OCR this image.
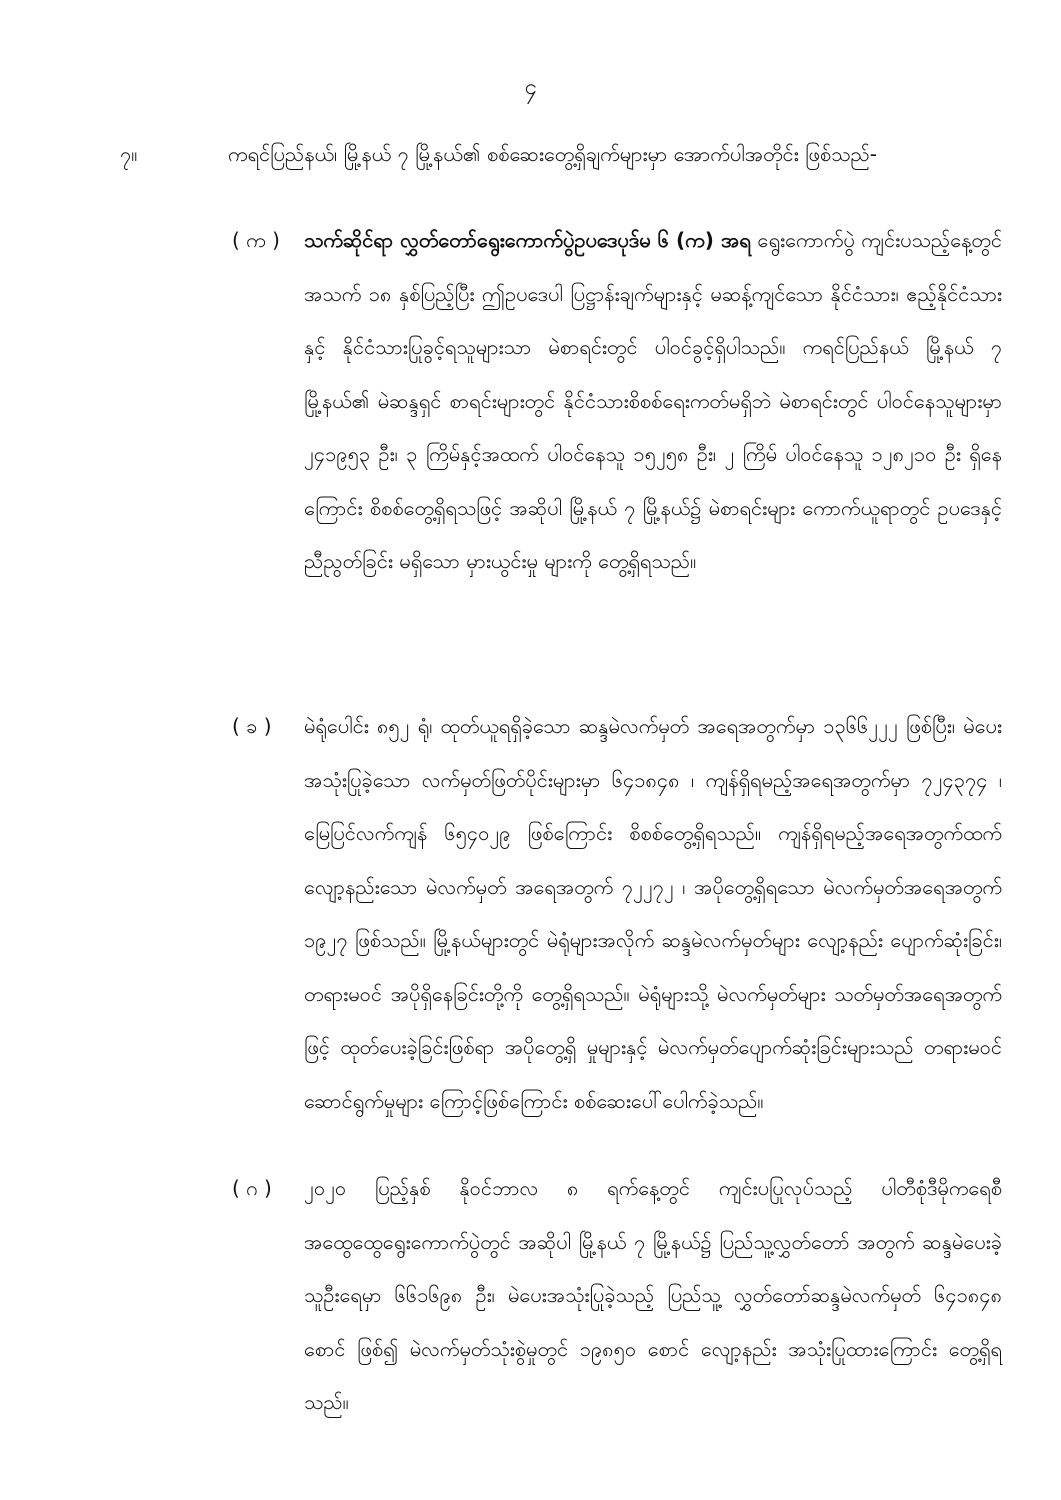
၄
၇။	ကရင်ပြည်နယ်၊ မြို့နယ် ၇ မြို့နယ်၏ စစ်ဆေးတွေ့ရှိချက်များမှာ အောက်ပါအတိုင်း ဖြစ်သည်-
( က )	သက်ဆိုင်ရာ လွှတ်တော်ရွေးကောက်ပွဲဥပဒေပုဒ်မ ၆ (က) အရ ရွေးကောက်ပွဲ ကျင်းပသည့်နေ့တွင် အသက် ၁၈ နှစ်ပြည့်ပြီး ဤဥပဒေပါ ပြဋ္ဌာန်းချက်များနှင့် မဆန့်ကျင်သော နိုင်ငံသား၊ ဧည့်နိုင်ငံသားနှင့် နိုင်ငံသားပြုခွင့်ရသူများသာ မဲစာရင်းတွင် ပါဝင်ခွင့်ရှိပါသည်။ ကရင်ပြည်နယ် မြို့နယ် ၇ မြို့နယ်၏ မဲဆန္ဒရှင် စာရင်းများတွင် နိုင်ငံသားစိစစ်ရေးကတ်မရှိဘဲ မဲစာရင်းတွင် ပါဝင်နေသူများမှာ ၂၄၁၉၅၃ ဦး၊ ၃ ကြိမ်နှင့်အထက် ပါဝင်နေသူ ၁၅၂၅၈ ဦး၊ ၂ ကြိမ် ပါဝင်နေသူ ၁၂၈၂၁၀ ဦး ရှိနေကြောင်း စိစစ်တွေ့ရှိရသဖြင့် အဆိုပါ မြို့နယ် ၇ မြို့နယ်၌ မဲစာရင်းများ ကောက်ယူရာတွင် ဥပဒေနှင့်ညီညွတ်ခြင်း မရှိသော မှားယွင်းမှု များကို တွေ့ရှိရသည်။
( ခ )	မဲရုံပေါင်း ၈၅၂ ရုံ၊ ထုတ်ယူရရှိခဲ့သော ဆန္ဒမဲလက်မှတ် အရေအတွက်မှာ ၁၃၆၆၂၂၂ ဖြစ်ပြီး၊ မဲပေးအသုံးပြုခဲ့သော လက်မှတ်ဖြတ်ပိုင်းများမှာ ၆၄၁၈၄၈ ၊ ကျန်ရှိရမည့်အရေအတွက်မှာ ၇၂၄၃၇၄ ၊ မြေပြင်လက်ကျန် ၆၅၄၀၂၉ ဖြစ်ကြောင်း စိစစ်တွေ့ရှိရသည်။ ကျန်ရှိရမည့်အရေအတွက်ထက် လျော့နည်းသော မဲလက်မှတ် အရေအတွက် ၇၂၂၇၂ ၊ အပိုတွေ့ရှိရသော မဲလက်မှတ်အရေအတွက် ၁၉၂၇ ဖြစ်သည်။ မြို့နယ်များတွင် မဲရုံများအလိုက် ဆန္ဒမဲလက်မှတ်များ လျော့နည်း ပျောက်ဆုံးခြင်း၊ တရားမဝင် အပိုရှိနေခြင်းတို့ကို တွေ့ရှိရသည်။ မဲရုံများသို့ မဲလက်မှတ်များ သတ်မှတ်အရေအတွက်ဖြင့် ထုတ်ပေးခဲ့ခြင်းဖြစ်ရာ အပိုတွေ့ရှိ မှုများနှင့် မဲလက်မှတ်ပျောက်ဆုံးခြင်းများသည် တရားမဝင် ဆောင်ရွက်မှုများ ကြောင့်ဖြစ်ကြောင်း စစ်ဆေးပေါ်ပေါက်ခဲ့သည်။
( ဂ )	၂၀၂၀ ပြည့်နှစ် နိုဝင်ဘာလ ၈ ရက်နေ့တွင် ကျင်းပပြုလုပ်သည့် ပါတီစုံဒီမိုကရေစီ အထွေထွေရွေးကောက်ပွဲတွင် အဆိုပါ မြို့နယ် ၇ မြို့နယ်၌ ပြည်သူ့လွှတ်တော် အတွက် ဆန္ဒမဲပေးခဲ့သူဦးရေမှာ ၆၆၁၆၉၈ ဦး၊ မဲပေးအသုံးပြုခဲ့သည့် ပြည်သူ့ လွှတ်တော်ဆန္ဒမဲလက်မှတ် ၆၄၁၈၄၈ စောင် ဖြစ်၍ မဲလက်မှတ်သုံးစွဲမှုတွင် ၁၉၈၅၀ စောင် လျော့နည်း အသုံးပြုထားကြောင်း တွေ့ရှိရသည်။
